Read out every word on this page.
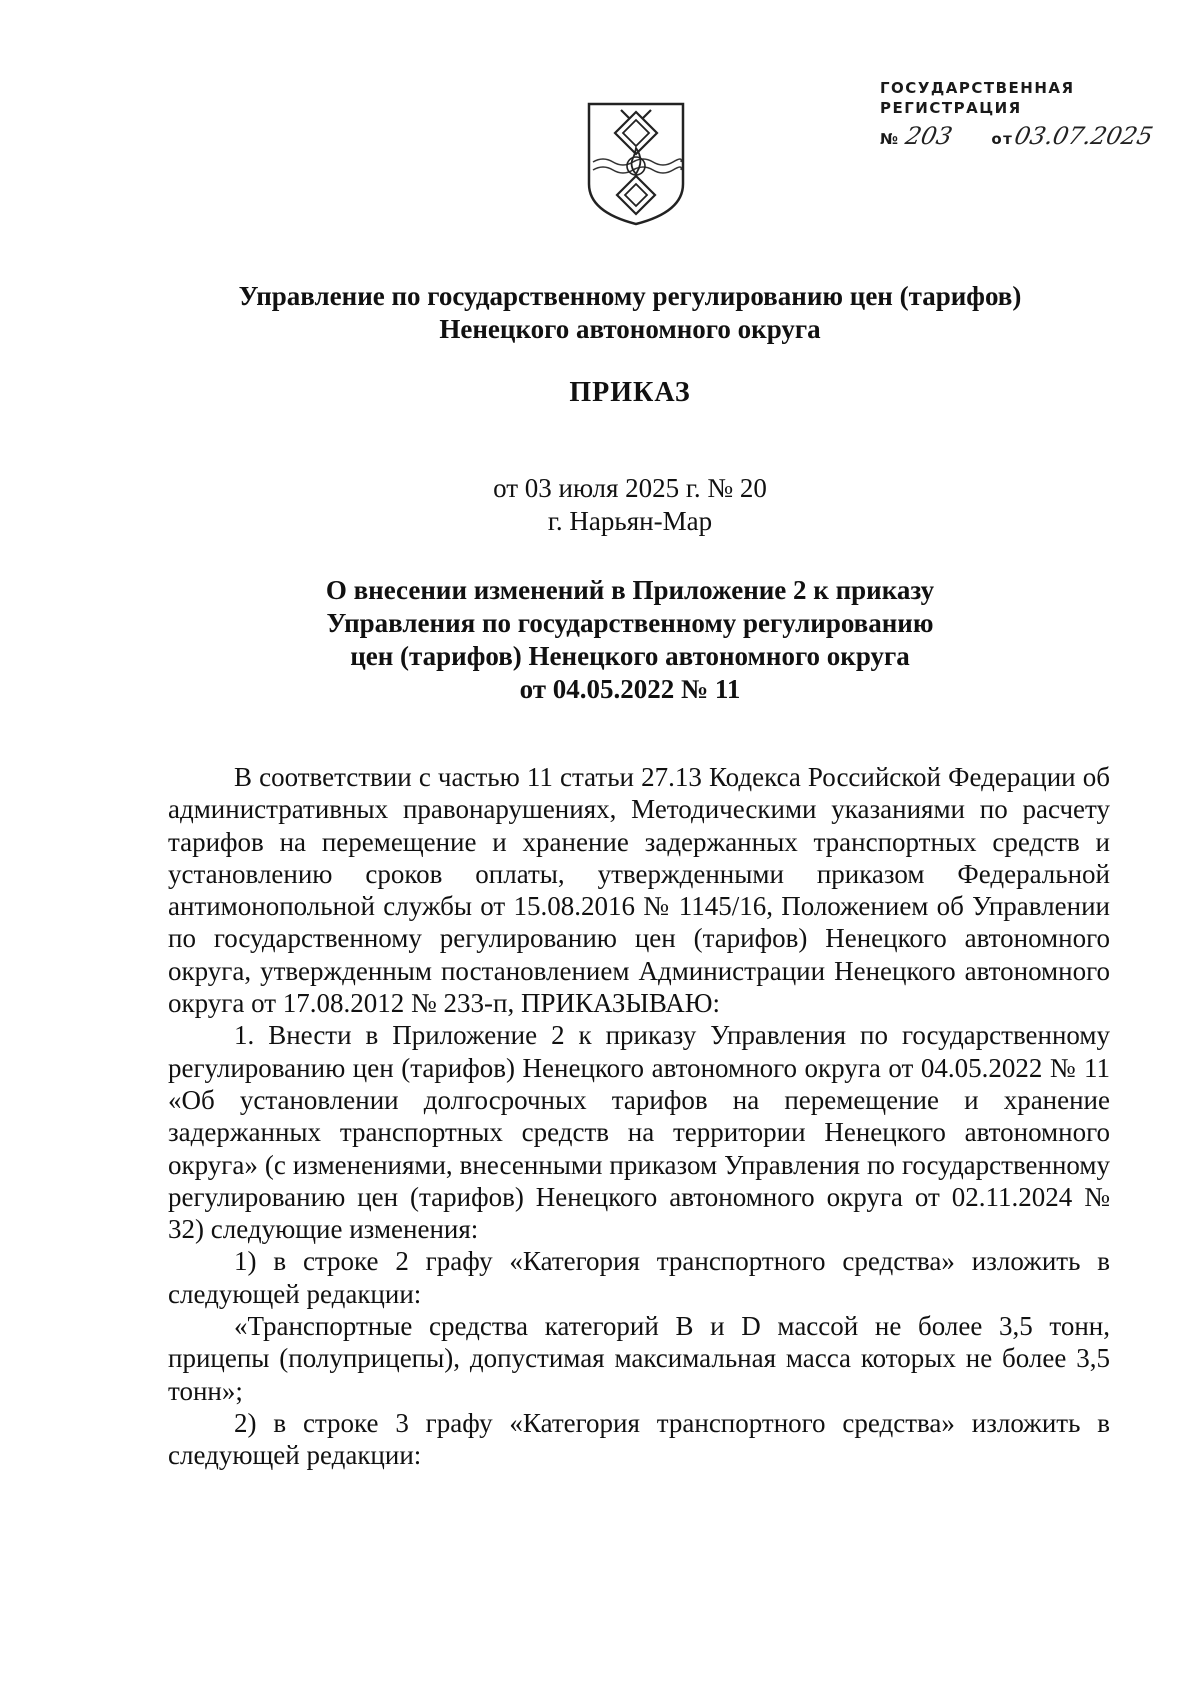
ГОСУДАРСТВЕННАЯ
РЕГИСТРАЦИЯ
№ 203 от 03.07.2025
Управление по государственному регулированию цен (тарифов)
Ненецкого автономного округа
ПРИКАЗ
от 03 июля 2025 г. № 20
г. Нарьян-Мар
О внесении изменений в Приложение 2 к приказу
Управления по государственному регулированию
цен (тарифов) Ненецкого автономного округа
от 04.05.2022 № 11

В соответствии с частью 11 статьи 27.13 Кодекса Российской Федерации об административных правонарушениях, Методическими указаниями по расчету тарифов на перемещение и хранение задержанных транспортных средств и установлению сроков оплаты, утвержденными приказом Федеральной антимонопольной службы от 15.08.2016 № 1145/16, Положением об Управлении по государственному регулированию цен (тарифов) Ненецкого автономного округа, утвержденным постановлением Администрации Ненецкого автономного округа от 17.08.2012 № 233-п, ПРИКАЗЫВАЮ:

1. Внести в Приложение 2 к приказу Управления по государственному регулированию цен (тарифов) Ненецкого автономного округа от 04.05.2022 № 11 «Об установлении долгосрочных тарифов на перемещение и хранение задержанных транспортных средств на территории Ненецкого автономного округа» (с изменениями, внесенными приказом Управления по государственному регулированию цен (тарифов) Ненецкого автономного округа от 02.11.2024 № 32) следующие изменения:

1) в строке 2 графу «Категория транспортного средства» изложить в следующей редакции:

«Транспортные средства категорий B и D массой не более 3,5 тонн, прицепы (полуприцепы), допустимая максимальная масса которых не более 3,5 тонн»;

2) в строке 3 графу «Категория транспортного средства» изложить в следующей редакции:
